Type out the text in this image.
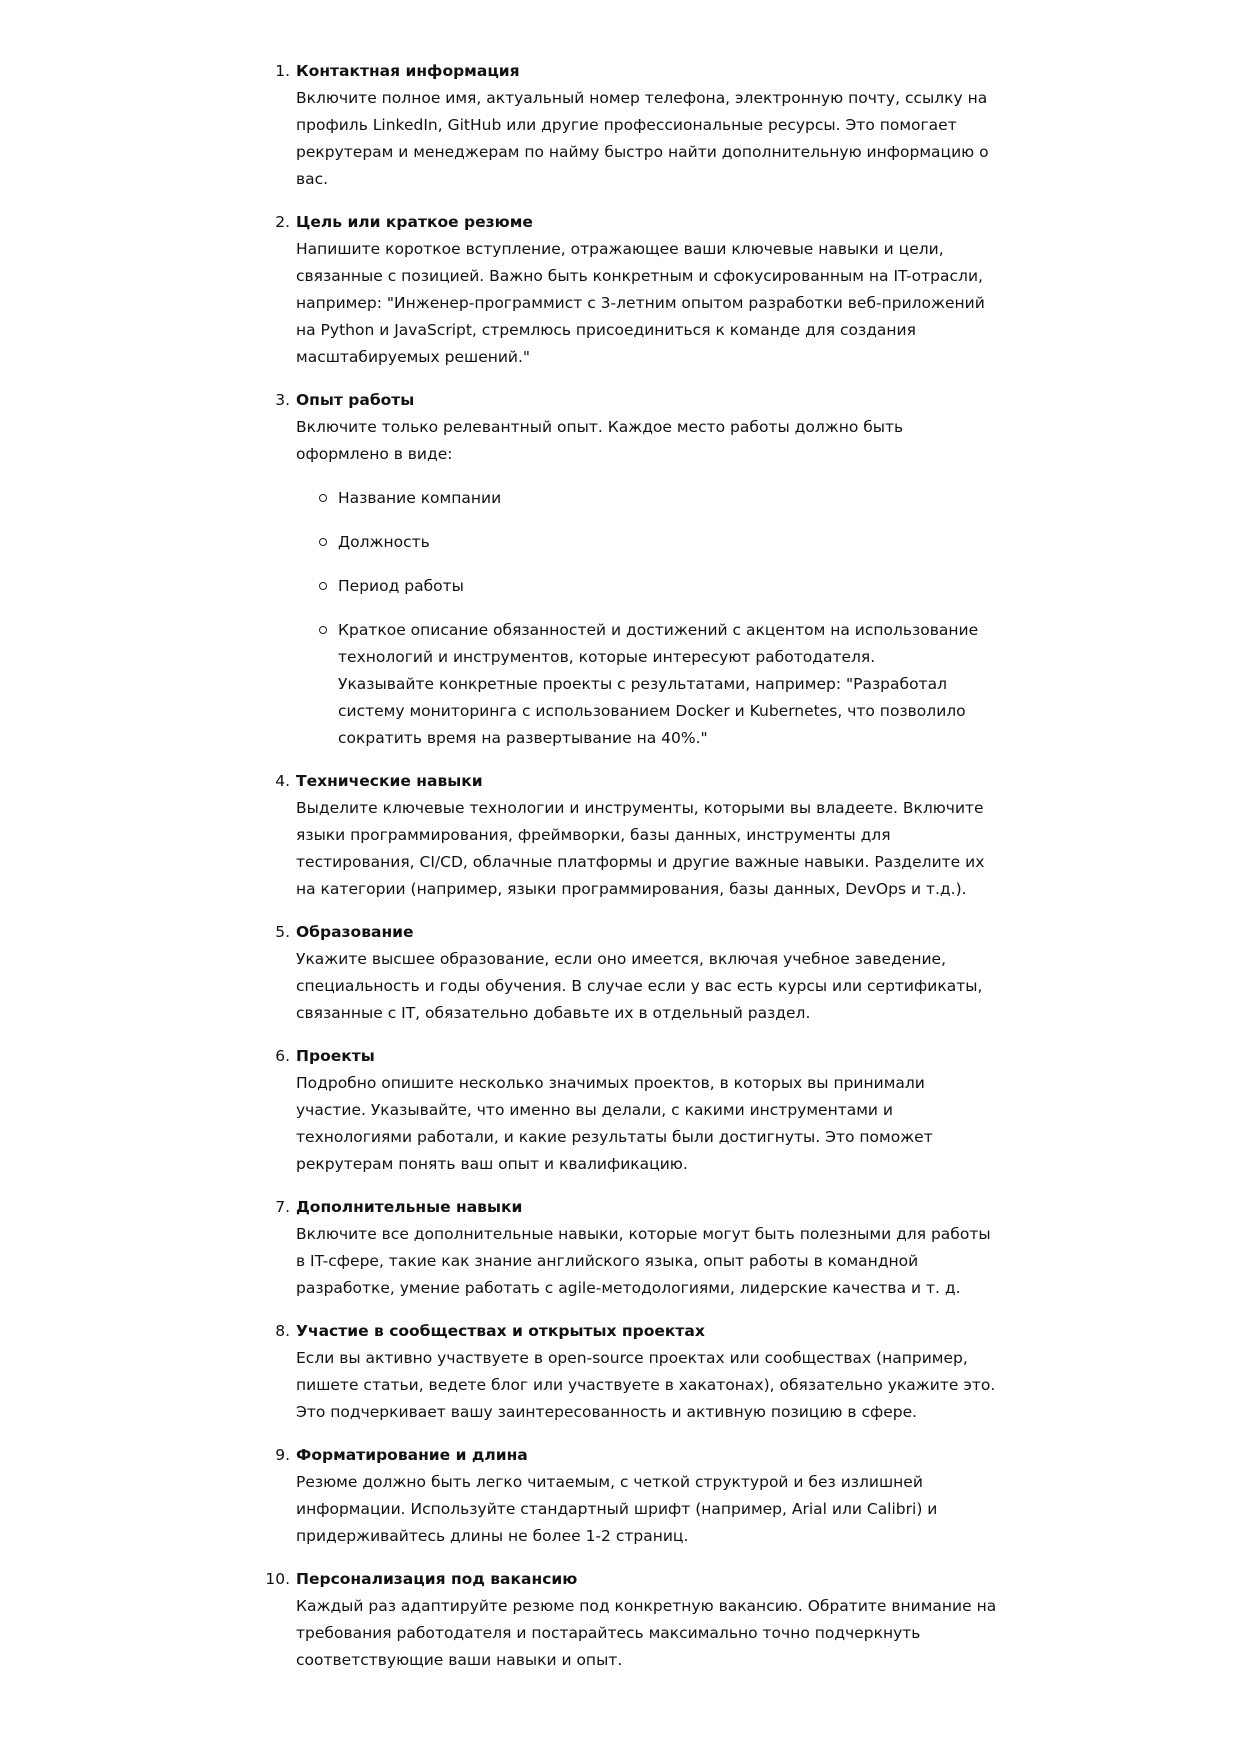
1. Контактная информация
Включите полное имя, актуальный номер телефона, электронную почту, ссылку на профиль LinkedIn, GitHub или другие профессиональные ресурсы. Это помогает рекрутерам и менеджерам по найму быстро найти дополнительную информацию о вас.
2. Цель или краткое резюме
Напишите короткое вступление, отражающее ваши ключевые навыки и цели, связанные с позицией. Важно быть конкретным и сфокусированным на IT-отрасли, например: "Инженер-программист с 3-летним опытом разработки веб-приложений на Python и JavaScript, стремлюсь присоединиться к команде для создания масштабируемых решений."
3. Опыт работы
Включите только релевантный опыт. Каждое место работы должно быть оформлено в виде:
Название компании
Должность
Период работы
Краткое описание обязанностей и достижений с акцентом на использование технологий и инструментов, которые интересуют работодателя.
Указывайте конкретные проекты с результатами, например: "Разработал систему мониторинга с использованием Docker и Kubernetes, что позволило сократить время на развертывание на 40%."
4. Технические навыки
Выделите ключевые технологии и инструменты, которыми вы владеете. Включите языки программирования, фреймворки, базы данных, инструменты для тестирования, CI/CD, облачные платформы и другие важные навыки. Разделите их на категории (например, языки программирования, базы данных, DevOps и т.д.).
5. Образование
Укажите высшее образование, если оно имеется, включая учебное заведение, специальность и годы обучения. В случае если у вас есть курсы или сертификаты, связанные с IT, обязательно добавьте их в отдельный раздел.
6. Проекты
Подробно опишите несколько значимых проектов, в которых вы принимали участие. Указывайте, что именно вы делали, с какими инструментами и технологиями работали, и какие результаты были достигнуты. Это поможет рекрутерам понять ваш опыт и квалификацию.
7. Дополнительные навыки
Включите все дополнительные навыки, которые могут быть полезными для работы в IT-сфере, такие как знание английского языка, опыт работы в командной разработке, умение работать с agile-методологиями, лидерские качества и т. д.
8. Участие в сообществах и открытых проектах
Если вы активно участвуете в open-source проектах или сообществах (например, пишете статьи, ведете блог или участвуете в хакатонах), обязательно укажите это. Это подчеркивает вашу заинтересованность и активную позицию в сфере.
9. Форматирование и длина
Резюме должно быть легко читаемым, с четкой структурой и без излишней информации. Используйте стандартный шрифт (например, Arial или Calibri) и придерживайтесь длины не более 1-2 страниц.
10. Персонализация под вакансию
Каждый раз адаптируйте резюме под конкретную вакансию. Обратите внимание на требования работодателя и постарайтесь максимально точно подчеркнуть соответствующие ваши навыки и опыт.
